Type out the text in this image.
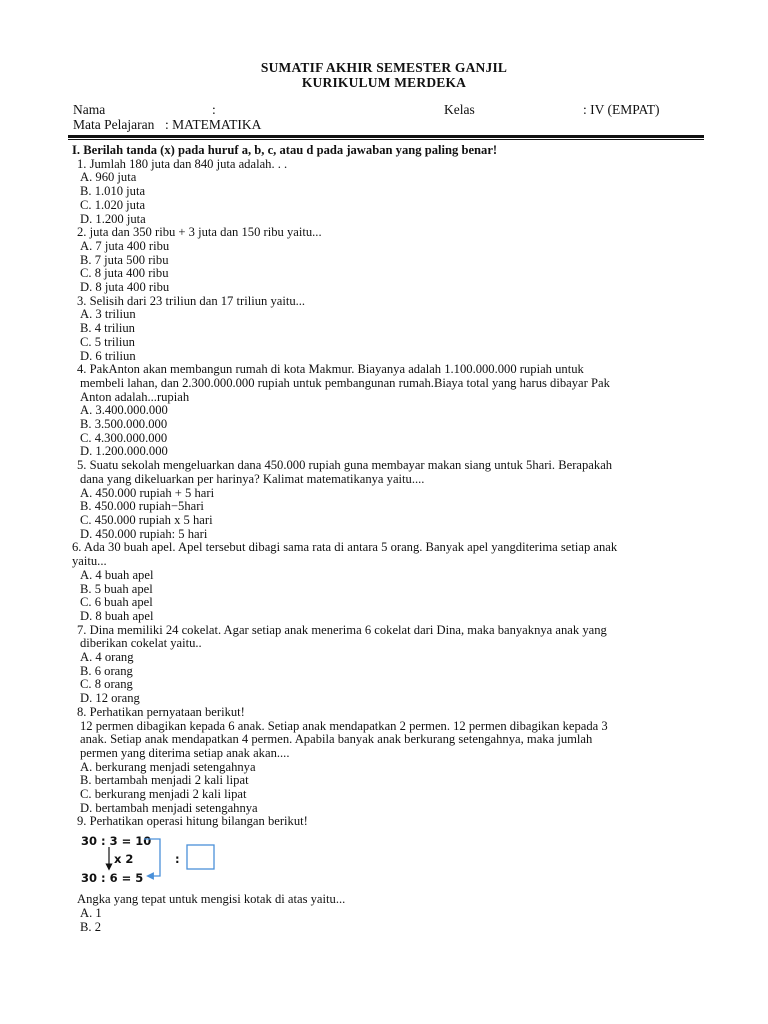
SUMATIF AKHIR SEMESTER GANJIL
KURIKULUM MERDEKA
Nama	:	Kelas	: IV (EMPAT)
Mata Pelajaran : MATEMATIKA
I. Berilah tanda (x) pada huruf a, b, c, atau d pada jawaban yang paling benar!
1. Jumlah 180 juta dan 840 juta adalah. . .
A. 960 juta
B. 1.010 juta
C. 1.020 juta
D. 1.200 juta
2. juta dan 350 ribu + 3 juta dan 150 ribu yaitu...
A. 7 juta 400 ribu
B. 7 juta 500 ribu
C. 8 juta 400 ribu
D. 8 juta 400 ribu
3. Selisih dari 23 triliun dan 17 triliun yaitu...
A. 3 triliun
B. 4 triliun
C. 5 triliun
D. 6 triliun
4. PakAnton akan membangun rumah di kota Makmur. Biayanya adalah 1.100.000.000 rupiah untuk
membeli lahan, dan 2.300.000.000 rupiah untuk pembangunan rumah.Biaya total yang harus dibayar Pak
Anton adalah...rupiah
A. 3.400.000.000
B. 3.500.000.000
C. 4.300.000.000
D. 1.200.000.000
5. Suatu sekolah mengeluarkan dana 450.000 rupiah guna membayar makan siang untuk 5hari. Berapakah
dana yang dikeluarkan per harinya? Kalimat matematikanya yaitu....
A. 450.000 rupiah + 5 hari
B. 450.000 rupiah−5hari
C. 450.000 rupiah x 5 hari
D. 450.000 rupiah: 5 hari
6. Ada 30 buah apel. Apel tersebut dibagi sama rata di antara 5 orang. Banyak apel yangditerima setiap anak
yaitu...
A. 4 buah apel
B. 5 buah apel
C. 6 buah apel
D. 8 buah apel
7. Dina memiliki 24 cokelat. Agar setiap anak menerima 6 cokelat dari Dina, maka banyaknya anak yang
diberikan cokelat yaitu..
A. 4 orang
B. 6 orang
C. 8 orang
D. 12 orang
8. Perhatikan pernyataan berikut!
12 permen dibagikan kepada 6 anak. Setiap anak mendapatkan 2 permen. 12 permen dibagikan kepada 3
anak. Setiap anak mendapatkan 4 permen. Apabila banyak anak berkurang setengahnya, maka jumlah
permen yang diterima setiap anak akan....
A. berkurang menjadi setengahnya
B. bertambah menjadi 2 kali lipat
C. berkurang menjadi 2 kali lipat
D. bertambah menjadi setengahnya
9. Perhatikan operasi hitung bilangan berikut!
30 : 3 = 10
x 2
30 : 6 = 5
:
Angka yang tepat untuk mengisi kotak di atas yaitu...
A. 1
B. 2
